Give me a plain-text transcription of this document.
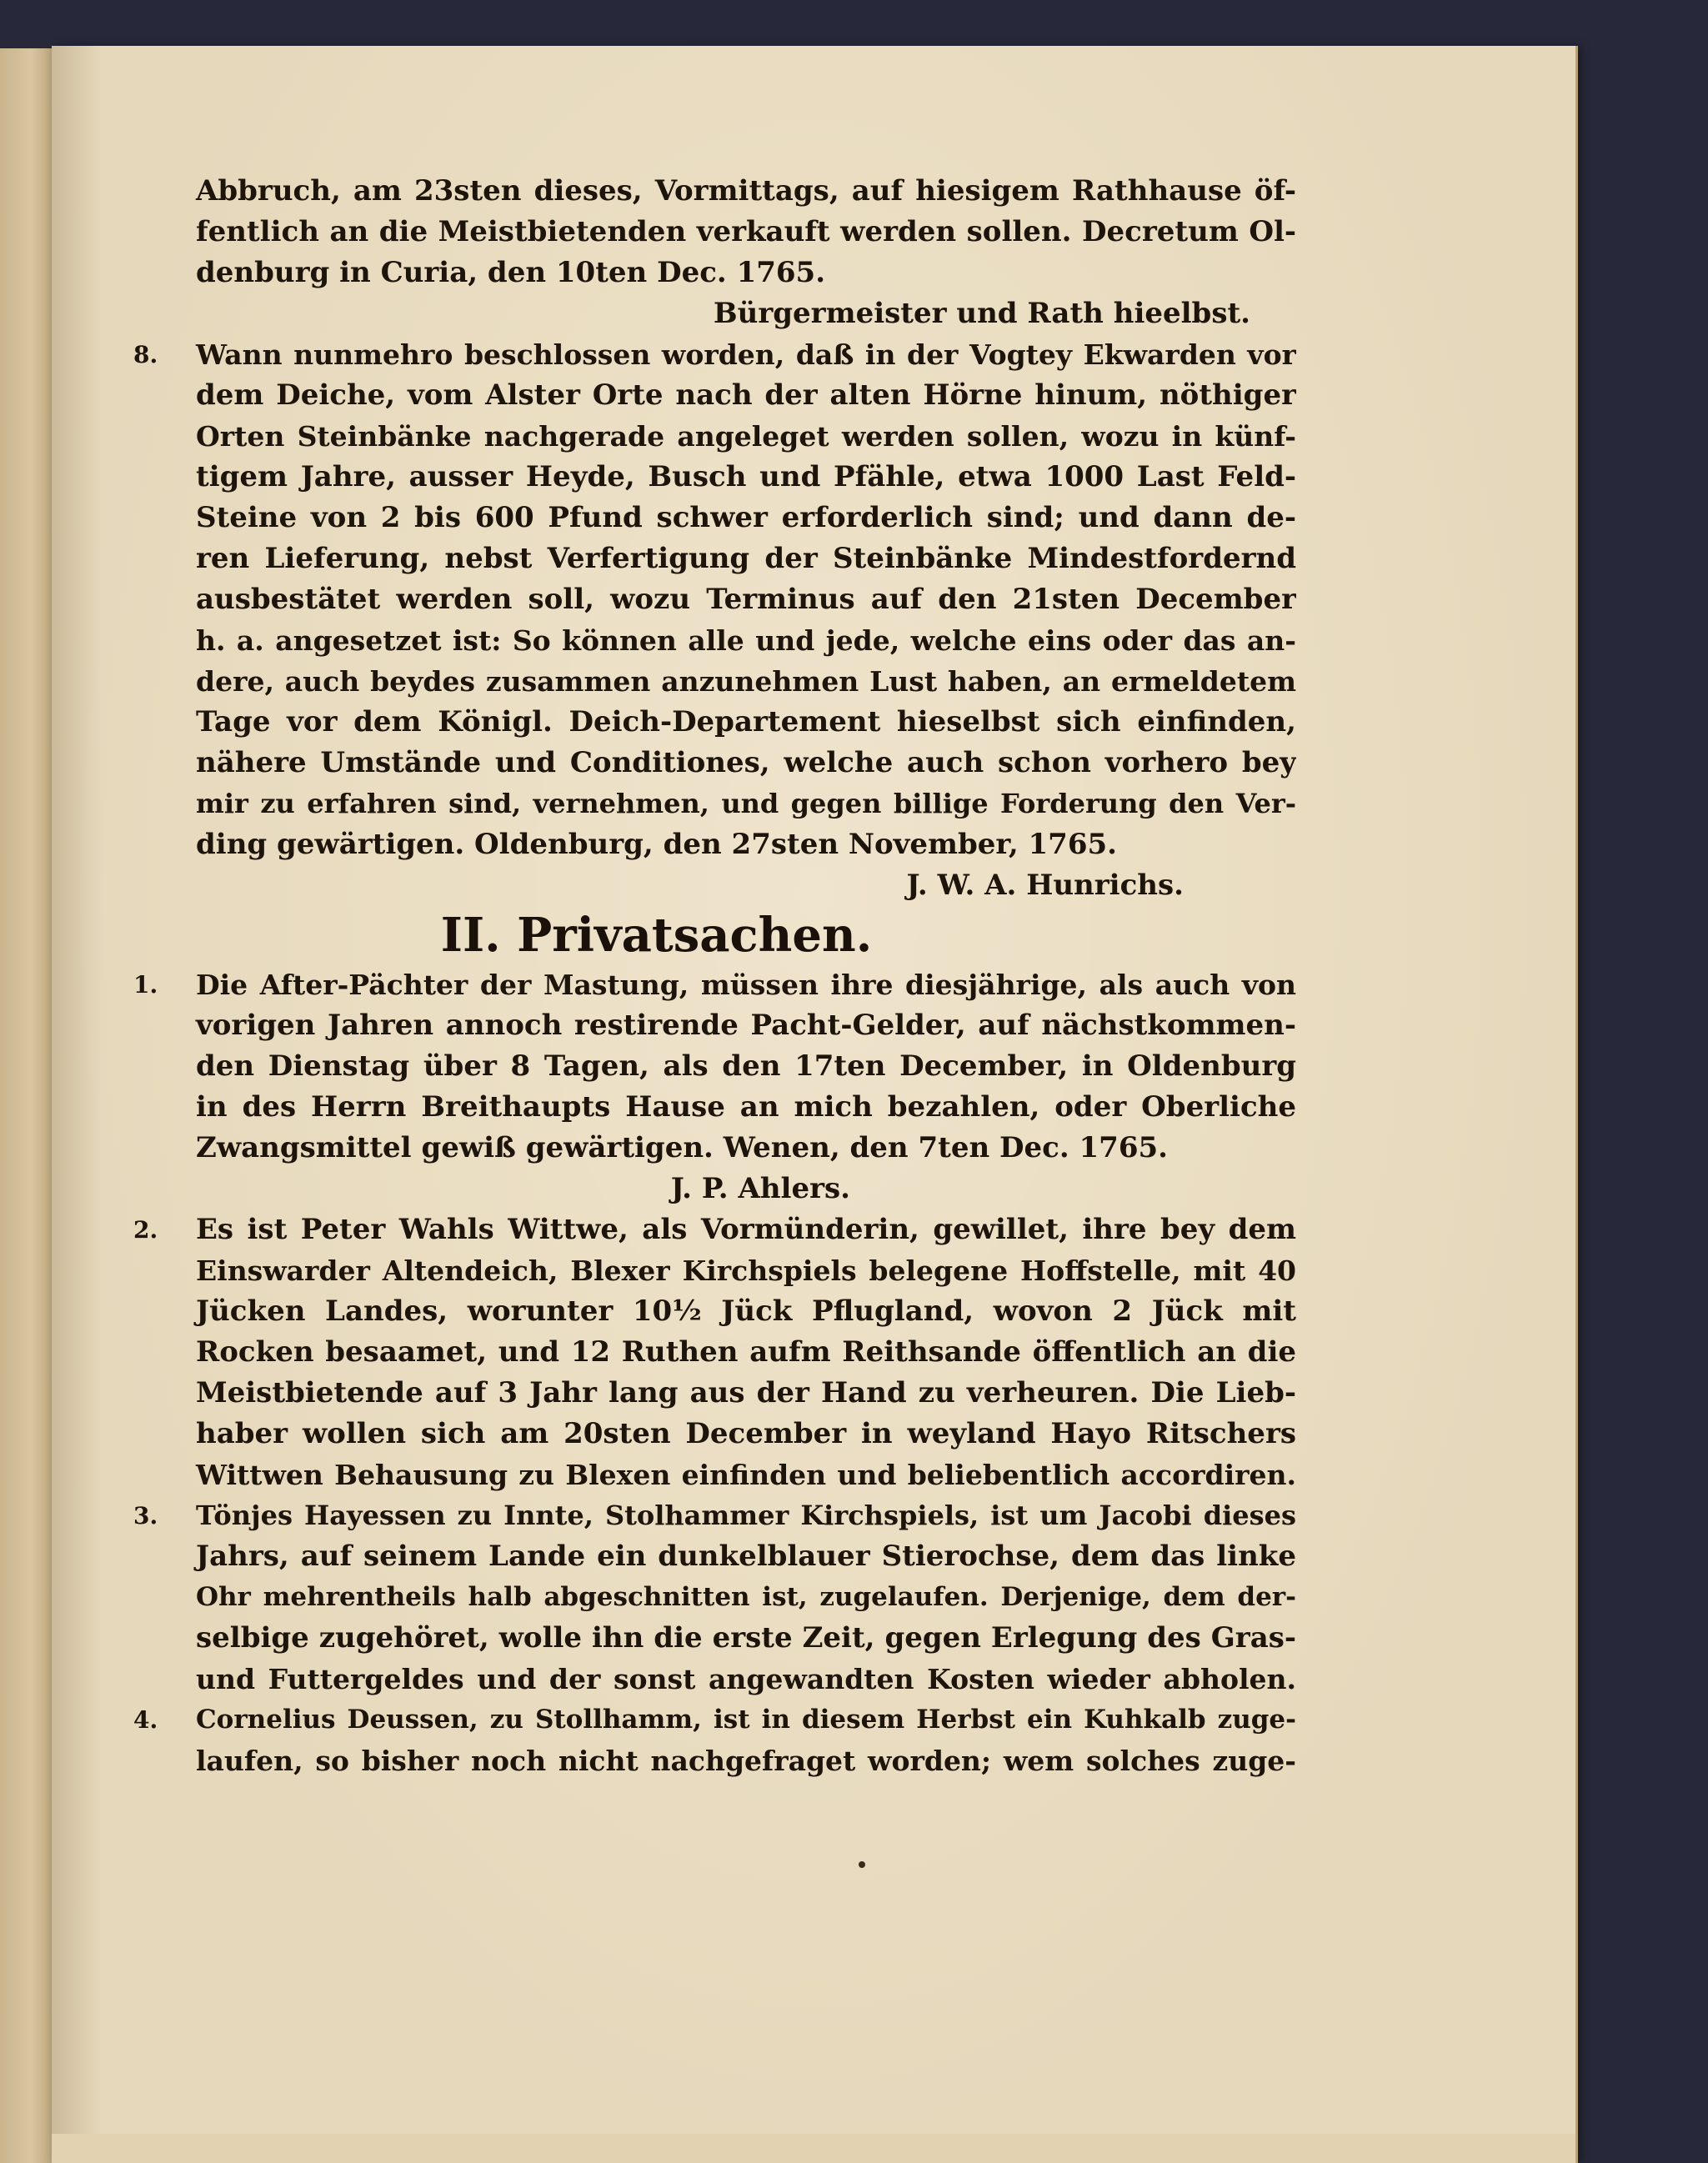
Abbruch, am 23sten dieses, Vormittags, auf hiesigem Rathhause öf-
fentlich an die Meistbietenden verkauft werden sollen. Decretum Ol-
denburg in Curia, den 10ten Dec. 1765.
Bürgermeister und Rath hieelbst.
8.	Wann nunmehro beschlossen worden, daß in der Vogtey Ekwarden vor
dem Deiche, vom Alster Orte nach der alten Hörne hinum, nöthiger
Orten Steinbänke nachgerade angeleget werden sollen, wozu in künf-
tigem Jahre, ausser Heyde, Busch und Pfähle, etwa 1000 Last Feld-
Steine von 2 bis 600 Pfund schwer erforderlich sind; und dann de-
ren Lieferung, nebst Verfertigung der Steinbänke Mindestfordernd
ausbestätet werden soll, wozu Terminus auf den 21sten December
h. a. angesetzet ist: So können alle und jede, welche eins oder das an-
dere, auch beydes zusammen anzunehmen Lust haben, an ermeldetem
Tage vor dem Königl. Deich-Departement hieselbst sich einfinden,
nähere Umstände und Conditiones, welche auch schon vorhero bey
mir zu erfahren sind, vernehmen, und gegen billige Forderung den Ver-
ding gewärtigen. Oldenburg, den 27sten November, 1765.
J. W. A. Hunrichs.
II. Privatsachen.
1.	Die After-Pächter der Mastung, müssen ihre diesjährige, als auch von
vorigen Jahren annoch restirende Pacht-Gelder, auf nächstkommen-
den Dienstag über 8 Tagen, als den 17ten December, in Oldenburg
in des Herrn Breithaupts Hause an mich bezahlen, oder Oberliche
Zwangsmittel gewiß gewärtigen. Wenen, den 7ten Dec. 1765.
J. P. Ahlers.
2.	Es ist Peter Wahls Wittwe, als Vormünderin, gewillet, ihre bey dem
Einswarder Altendeich, Blexer Kirchspiels belegene Hoffstelle, mit 40
Jücken Landes, worunter 10½ Jück Pflugland, wovon 2 Jück mit
Rocken besaamet, und 12 Ruthen aufm Reithsande öffentlich an die
Meistbietende auf 3 Jahr lang aus der Hand zu verheuren. Die Lieb-
haber wollen sich am 20sten December in weyland Hayo Ritschers
Wittwen Behausung zu Blexen einfinden und beliebentlich accordiren.
3.	Tönjes Hayessen zu Innte, Stolhammer Kirchspiels, ist um Jacobi dieses
Jahrs, auf seinem Lande ein dunkelblauer Stierochse, dem das linke
Ohr mehrentheils halb abgeschnitten ist, zugelaufen. Derjenige, dem der-
selbige zugehöret, wolle ihn die erste Zeit, gegen Erlegung des Gras-
und Futtergeldes und der sonst angewandten Kosten wieder abholen.
4.	Cornelius Deussen, zu Stollhamm, ist in diesem Herbst ein Kuhkalb zuge-
laufen, so bisher noch nicht nachgefraget worden; wem solches zuge-
